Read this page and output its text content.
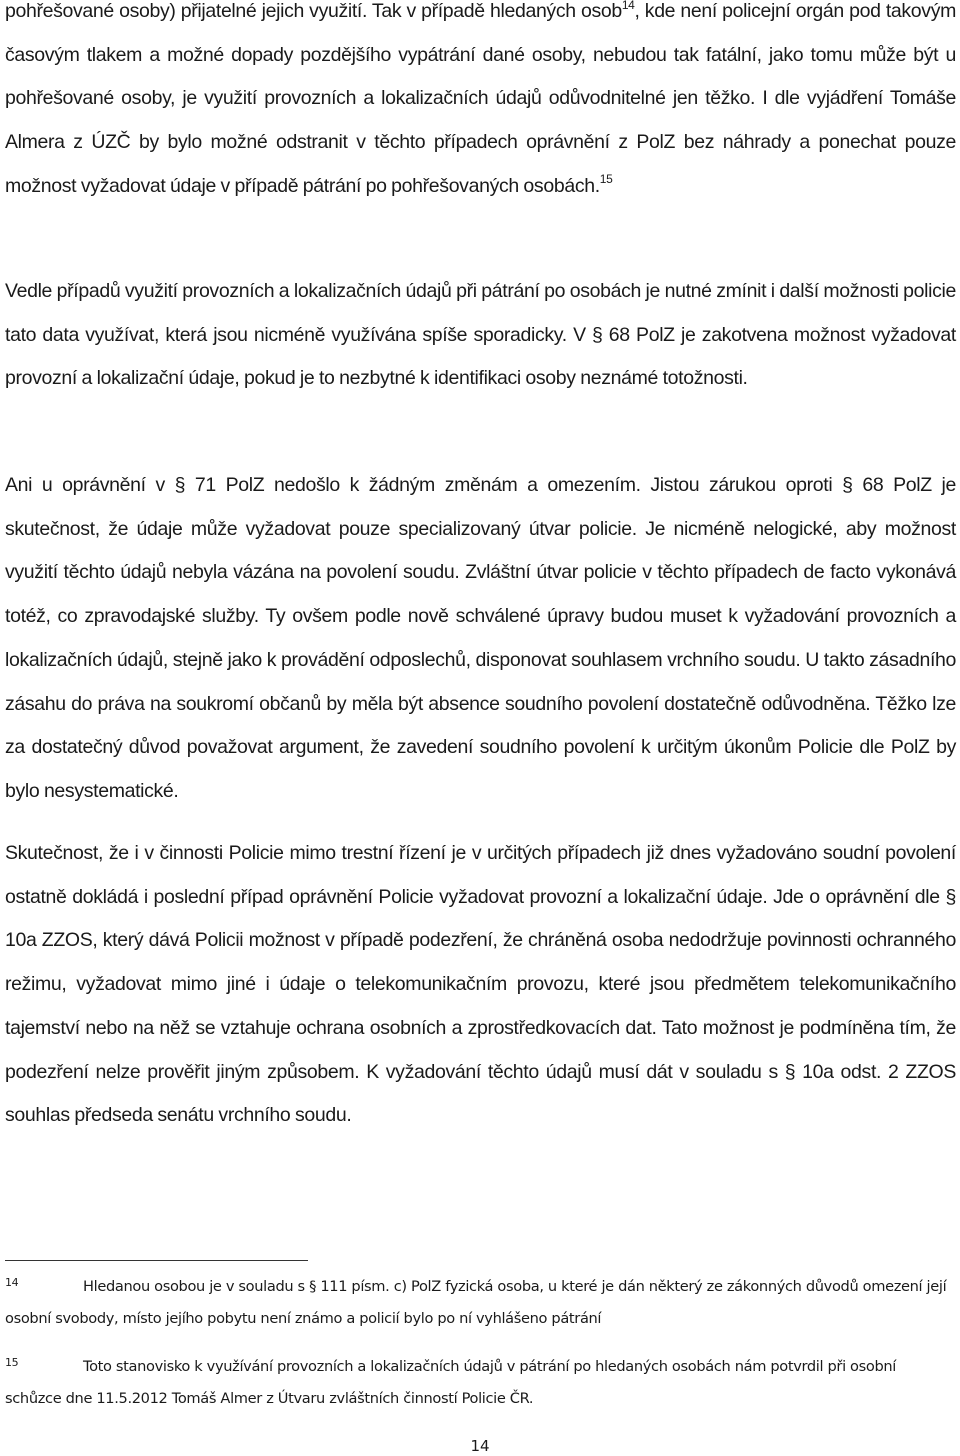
pohřešované osoby) přijatelné jejich využití. Tak v případě hledaných osob$^{14}$, kde není policejní orgán pod takovým časovým tlakem a možné dopady pozdějšího vypátrání dané osoby, nebudou tak fatální, jako tomu může být u pohřešované osoby, je využití provozních a lokalizačních údajů odůvodnitelné jen těžko. I dle vyjádření Tomáše Almera z ÚZČ by bylo možné odstranit v těchto případech oprávnění z PolZ bez náhrady a ponechat pouze možnost vyžadovat údaje v případě pátrání po pohřešovaných osobách.$^{15}$

Vedle případů využití provozních a lokalizačních údajů při pátrání po osobách je nutné zmínit i další možnosti policie tato data využívat, která jsou nicméně využívána spíše sporadicky. V § 68 PolZ je zakotvena možnost vyžadovat provozní a lokalizační údaje, pokud je to nezbytné k identifikaci osoby neznámé totožnosti.

Ani u oprávnění v § 71 PolZ nedošlo k žádným změnám a omezením. Jistou zárukou oproti § 68 PolZ je skutečnost, že údaje může vyžadovat pouze specializovaný útvar policie. Je nicméně nelogické, aby možnost využití těchto údajů nebyla vázána na povolení soudu. Zvláštní útvar policie v těchto případech de facto vykonává totéž, co zpravodajské služby. Ty ovšem podle nově schválené úpravy budou muset k vyžadování provozních a lokalizačních údajů, stejně jako k provádění odposlechů, disponovat souhlasem vrchního soudu. U takto zásadního zásahu do práva na soukromí občanů by měla být absence soudního povolení dostatečně odůvodněna. Těžko lze za dostatečný důvod považovat argument, že zavedení soudního povolení k určitým úkonům Policie dle PolZ by bylo nesystematické.

Skutečnost, že i v činnosti Policie mimo trestní řízení je v určitých případech již dnes vyžadováno soudní povolení ostatně dokládá i poslední případ oprávnění Policie vyžadovat provozní a lokalizační údaje. Jde o oprávnění dle § 10a ZZOS, který dává Policii možnost v případě podezření, že chráněná osoba nedodržuje povinnosti ochranného režimu, vyžadovat mimo jiné i údaje o telekomunikačním provozu, které jsou předmětem telekomunikačního tajemství nebo na něž se vztahuje ochrana osobních a zprostředkovacích dat. Tato možnost je podmíněna tím, že podezření nelze prověřit jiným způsobem. K vyžadování těchto údajů musí dát v souladu s § 10a odst. 2 ZZOS souhlas předseda senátu vrchního soudu.

14	Hledanou osobou je v souladu s § 111 písm. c) PolZ fyzická osoba, u které je dán některý ze zákonných důvodů omezení její osobní svobody, místo jejího pobytu není známo a policií bylo po ní vyhlášeno pátrání

15	Toto stanovisko k využívání provozních a lokalizačních údajů v pátrání po hledaných osobách nám potvrdil při osobní schůzce dne 11.5.2012 Tomáš Almer z Útvaru zvláštních činností Policie ČR.

14
